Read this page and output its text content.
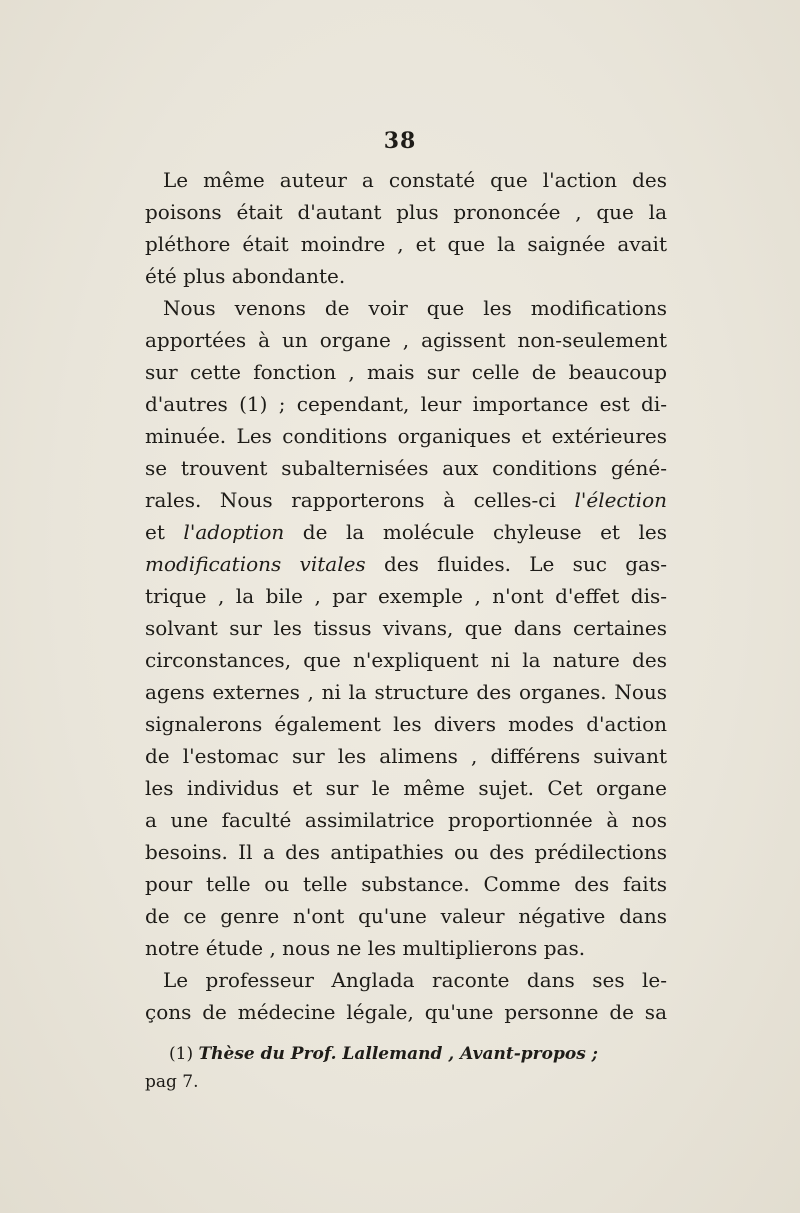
38
Le même auteur a constaté que l'action des
poisons était d'autant plus prononcée , que la
pléthore était moindre , et que la saignée avait
été plus abondante.
Nous venons de voir que les modifications
apportées à un organe , agissent non-seulement
sur cette fonction , mais sur celle de beaucoup
d'autres (1) ; cependant, leur importance est di-
minuée. Les conditions organiques et extérieures
se trouvent subalternisées aux conditions géné-
rales. Nous rapporterons à celles-ci l'élection
et l'adoption de la molécule chyleuse et les
modifications vitales des fluides. Le suc gas-
trique , la bile , par exemple , n'ont d'effet dis-
solvant sur les tissus vivans, que dans certaines
circonstances, que n'expliquent ni la nature des
agens externes , ni la structure des organes. Nous
signalerons également les divers modes d'action
de l'estomac sur les alimens , différens suivant
les individus et sur le même sujet. Cet organe
a une faculté assimilatrice proportionnée à nos
besoins. Il a des antipathies ou des prédilections
pour telle ou telle substance. Comme des faits
de ce genre n'ont qu'une valeur négative dans
notre étude , nous ne les multiplierons pas.
Le professeur Anglada raconte dans ses le-
çons de médecine légale, qu'une personne de sa
(1) Thèse du Prof. Lallemand , Avant-propos ;
pag 7.
